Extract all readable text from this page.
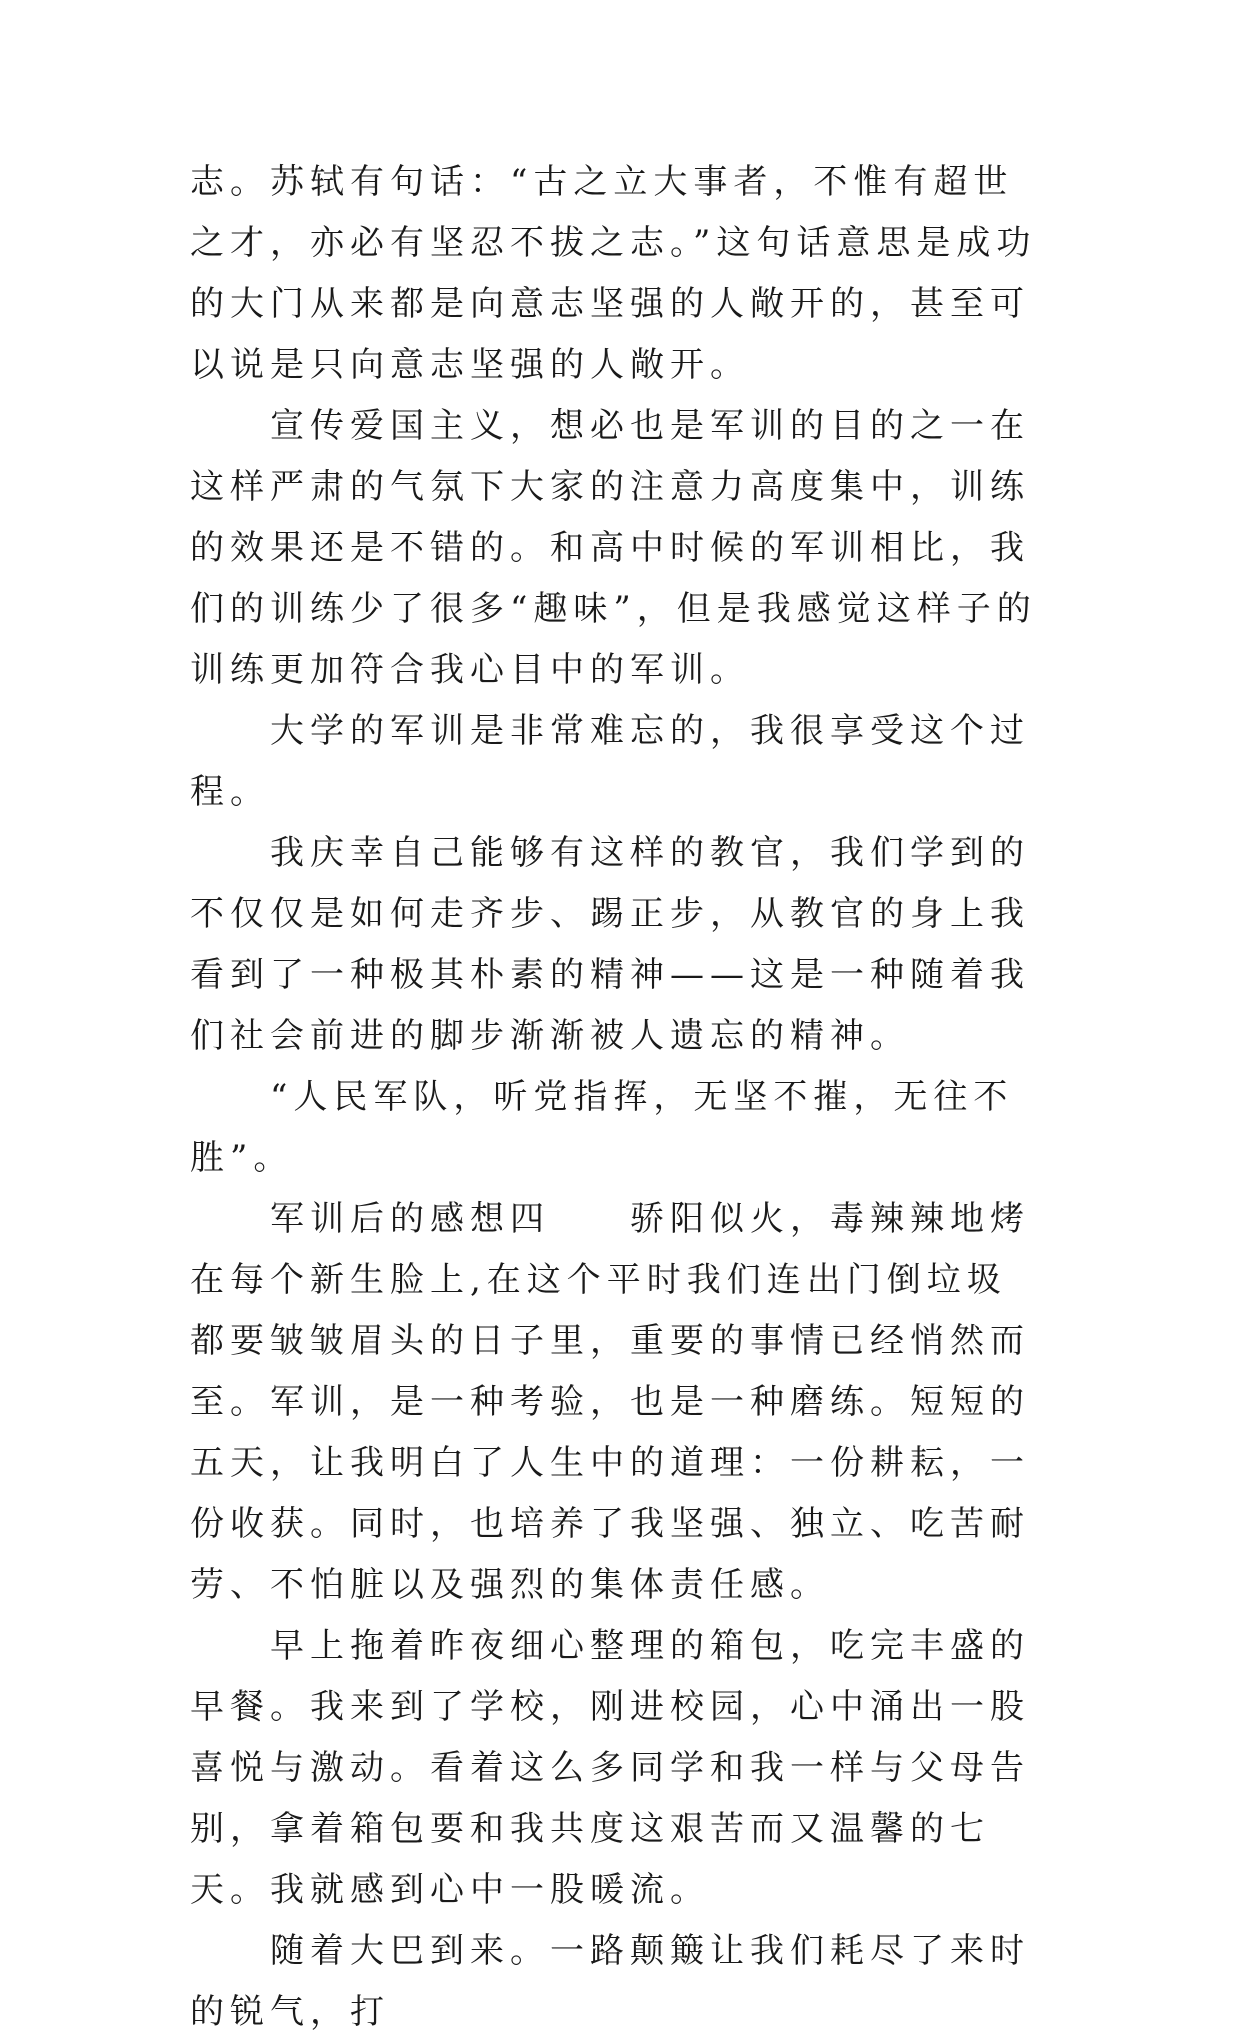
志。苏轼有句话：“古之立大事者，不惟有超世之才，亦必有坚忍不拔之志。”这句话意思是成功的大门从来都是向意志坚强的人敞开的，甚至可以说是只向意志坚强的人敞开。

宣传爱国主义，想必也是军训的目的之一在这样严肃的气氛下大家的注意力高度集中，训练的效果还是不错的。和高中时候的军训相比，我们的训练少了很多“趣味”，但是我感觉这样子的训练更加符合我心目中的军训。

大学的军训是非常难忘的，我很享受这个过程。

我庆幸自己能够有这样的教官，我们学到的不仅仅是如何走齐步、踢正步，从教官的身上我看到了一种极其朴素的精神——这是一种随着我们社会前进的脚步渐渐被人遗忘的精神。

“人民军队，听党指挥，无坚不摧，无往不胜”。

军训后的感想四　　骄阳似火，毒辣辣地烤在每个新生脸上,在这个平时我们连出门倒垃圾都要皱皱眉头的日子里，重要的事情已经悄然而至。军训，是一种考验，也是一种磨练。短短的五天，让我明白了人生中的道理：一份耕耘，一份收获。同时，也培养了我坚强、独立、吃苦耐劳、不怕脏以及强烈的集体责任感。

早上拖着昨夜细心整理的箱包，吃完丰盛的早餐。我来到了学校，刚进校园，心中涌出一股喜悦与激动。看着这么多同学和我一样与父母告别，拿着箱包要和我共度这艰苦而又温馨的七天。我就感到心中一股暖流。

随着大巴到来。一路颠簸让我们耗尽了来时的锐气，打
